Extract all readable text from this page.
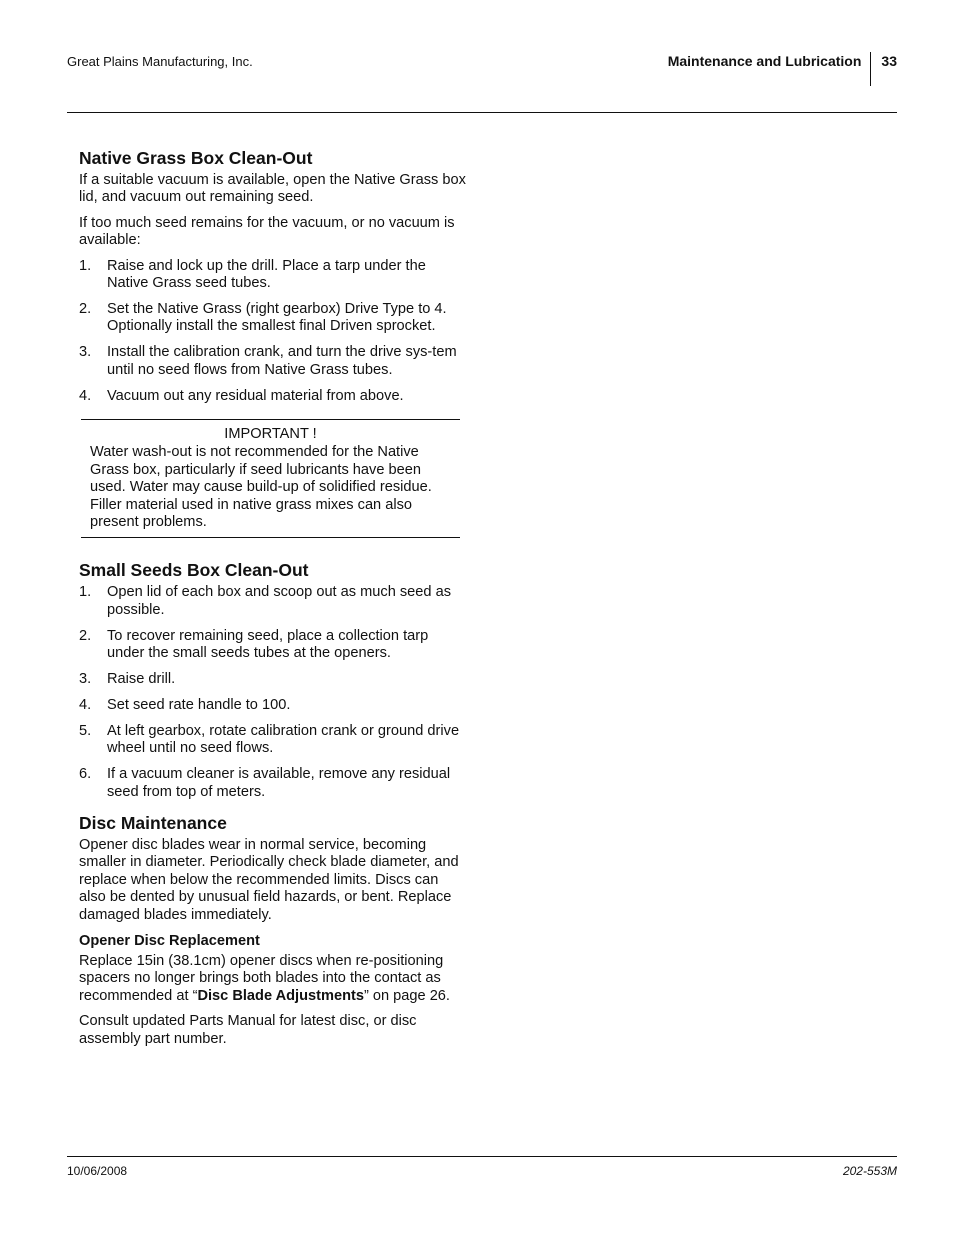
Great Plains Manufacturing, Inc.	Maintenance and Lubrication	33
Native Grass Box Clean-Out

If a suitable vacuum is available, open the Native Grass box lid, and vacuum out remaining seed.

If too much seed remains for the vacuum, or no vacuum is available:

1.	Raise and lock up the drill. Place a tarp under the Native Grass seed tubes.
2.	Set the Native Grass (right gearbox) Drive Type to 4. Optionally install the smallest final Driven sprocket.
3.	Install the calibration crank, and turn the drive sys-tem until no seed flows from Native Grass tubes.
4.	Vacuum out any residual material from above.
IMPORTANT !
Water wash-out is not recommended for the Native Grass box, particularly if seed lubricants have been used. Water may cause build-up of solidified residue. Filler material used in native grass mixes can also present problems.
Small Seeds Box Clean-Out
1.	Open lid of each box and scoop out as much seed as possible.
2.	To recover remaining seed, place a collection tarp under the small seeds tubes at the openers.
3.	Raise drill.
4.	Set seed rate handle to 100.
5.	At left gearbox, rotate calibration crank or ground drive wheel until no seed flows.
6.	If a vacuum cleaner is available, remove any residual seed from top of meters.
Disc Maintenance

Opener disc blades wear in normal service, becoming smaller in diameter. Periodically check blade diameter, and replace when below the recommended limits. Discs can also be dented by unusual field hazards, or bent. Replace damaged blades immediately.

Opener Disc Replacement

Replace 15in (38.1cm) opener discs when re-positioning spacers no longer brings both blades into the contact as recommended at “Disc Blade Adjustments” on page 26.

Consult updated Parts Manual for latest disc, or disc assembly part number.

10/06/2008	202-553M
